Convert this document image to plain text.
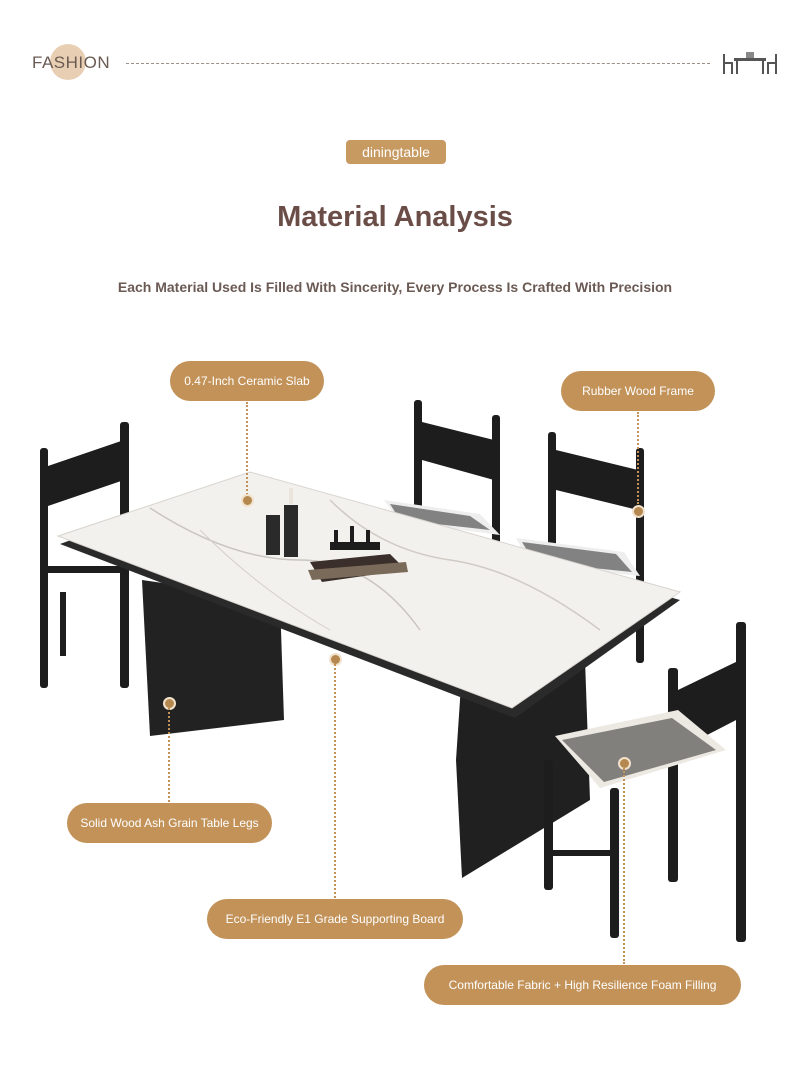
FASHION
diningtable
Material Analysis
Each Material Used Is Filled With Sincerity, Every Process Is Crafted With Precision
0.47-Inch Ceramic Slab
Rubber Wood Frame
Solid Wood Ash Grain Table Legs
Eco-Friendly E1 Grade Supporting Board
Comfortable Fabric + High Resilience Foam Filling
